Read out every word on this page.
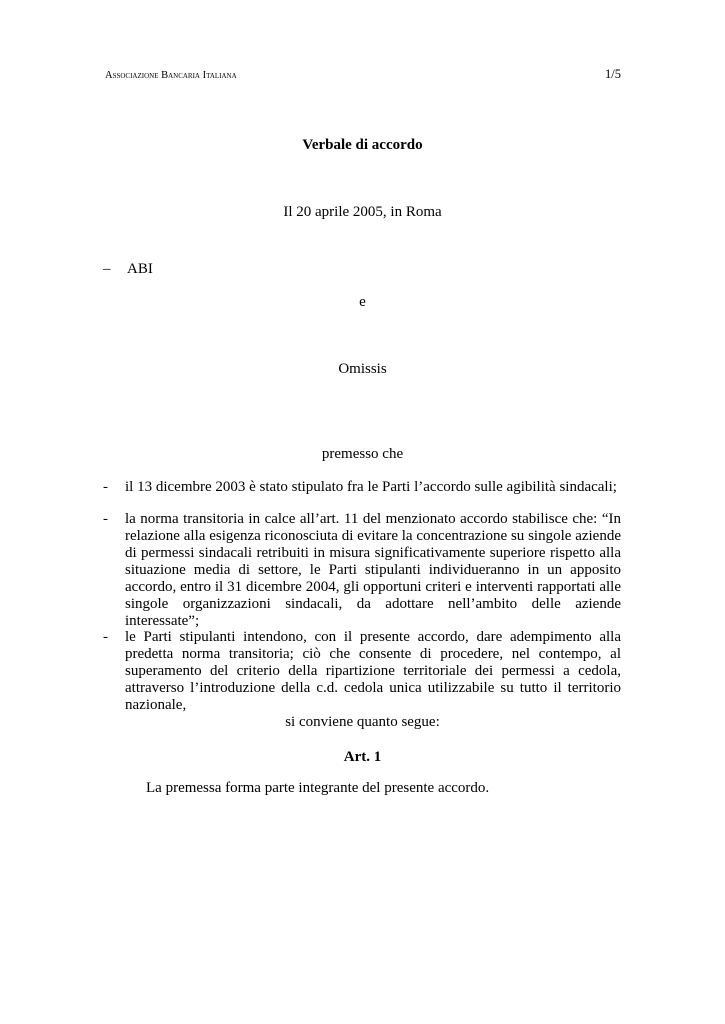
Associazione Bancaria Italiana	1/5
Verbale di accordo
Il 20 aprile 2005, in Roma
– ABI
e
Omissis
premesso che
- il 13 dicembre 2003 è stato stipulato fra le Parti l’accordo sulle agibilità sindacali;
- la norma transitoria in calce all’art. 11 del menzionato accordo stabilisce che: “In relazione alla esigenza riconosciuta di evitare la concentrazione su singole aziende di permessi sindacali retribuiti in misura significativamente superiore rispetto alla situazione media di settore, le Parti stipulanti individueranno in un apposito accordo, entro il 31 dicembre 2004, gli opportuni criteri e interventi rapportati alle singole organizzazioni sindacali, da adottare nell’ambito delle aziende interessate”;
- le Parti stipulanti intendono, con il presente accordo, dare adempimento alla predetta norma transitoria; ciò che consente di procedere, nel contempo, al superamento del criterio della ripartizione territoriale dei permessi a cedola, attraverso l’introduzione della c.d. cedola unica utilizzabile su tutto il territorio nazionale,
si conviene quanto segue:
Art. 1
La premessa forma parte integrante del presente accordo.
